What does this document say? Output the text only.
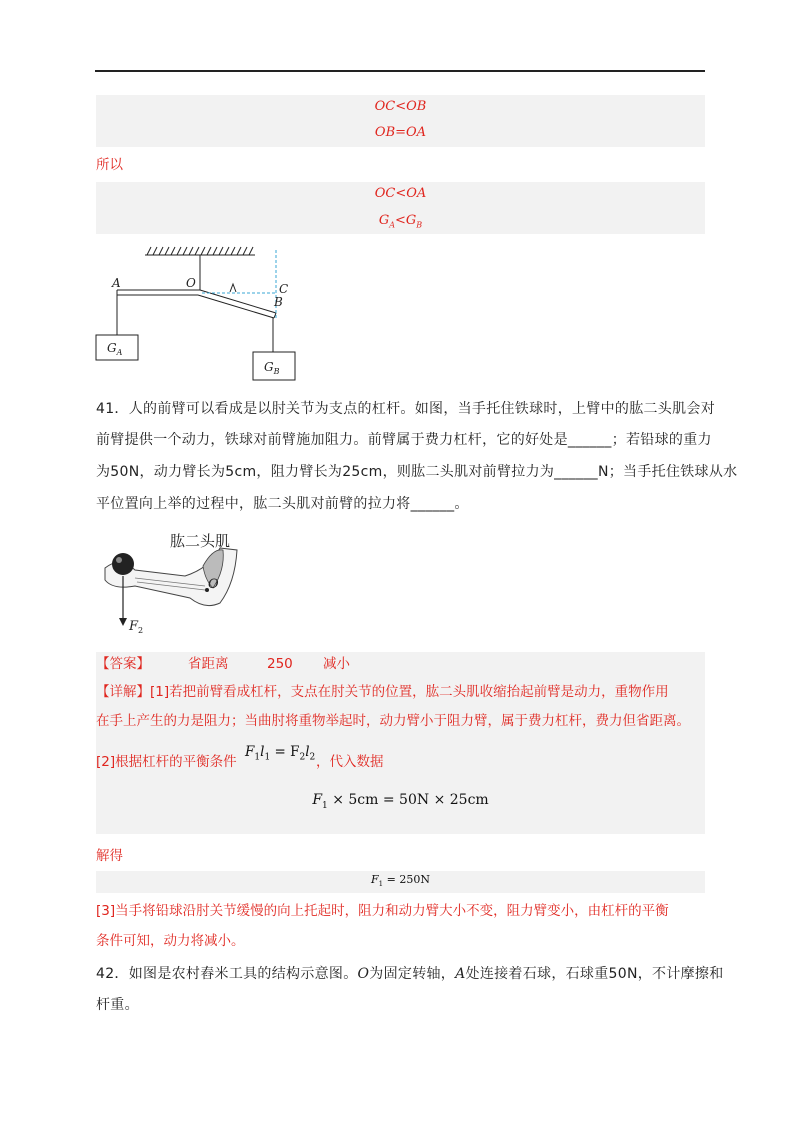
OC<OB
OB=OA
所以
OC<OA
$G_A<G_B$
A	O	C
B
$G_A$
$G_B$
41．人的前臂可以看成是以肘关节为支点的杠杆。如图，当手托住铁球时，上臂中的肱二头肌会对
前臂提供一个动力，铁球对前臂施加阻力。前臂属于费力杠杆，它的好处是______；若铅球的重力
为50N，动力臂长为5cm，阻力臂长为25cm，则肱二头肌对前臂拉力为______N；当手托住铁球从水
平位置向上举的过程中，肱二头肌对前臂的拉力将______。
肱二头肌
O
$F_2$
【答案】	省距离	250 减小
【详解】[1]若把前臂看成杠杆，支点在肘关节的位置，肱二头肌收缩抬起前臂是动力，重物作用
在手上产生的力是阻力；当曲肘将重物举起时，动力臂小于阻力臂，属于费力杠杆，费力但省距离。
[2]根据杠杆的平衡条件
$F_1l_1 = F_2l_2$ ，代入数据
$F_1 \times 5cm = 50N \times 25cm$
解得
$F_1 = 250N$
[3]当手将铅球沿肘关节缓慢的向上托起时，阻力和动力臂大小不变，阻力臂变小，由杠杆的平衡
条件可知，动力将减小。
42．如图是农村舂米工具的结构示意图。O为固定转轴，A处连接着石球，石球重50N，不计摩擦和
杆重。
